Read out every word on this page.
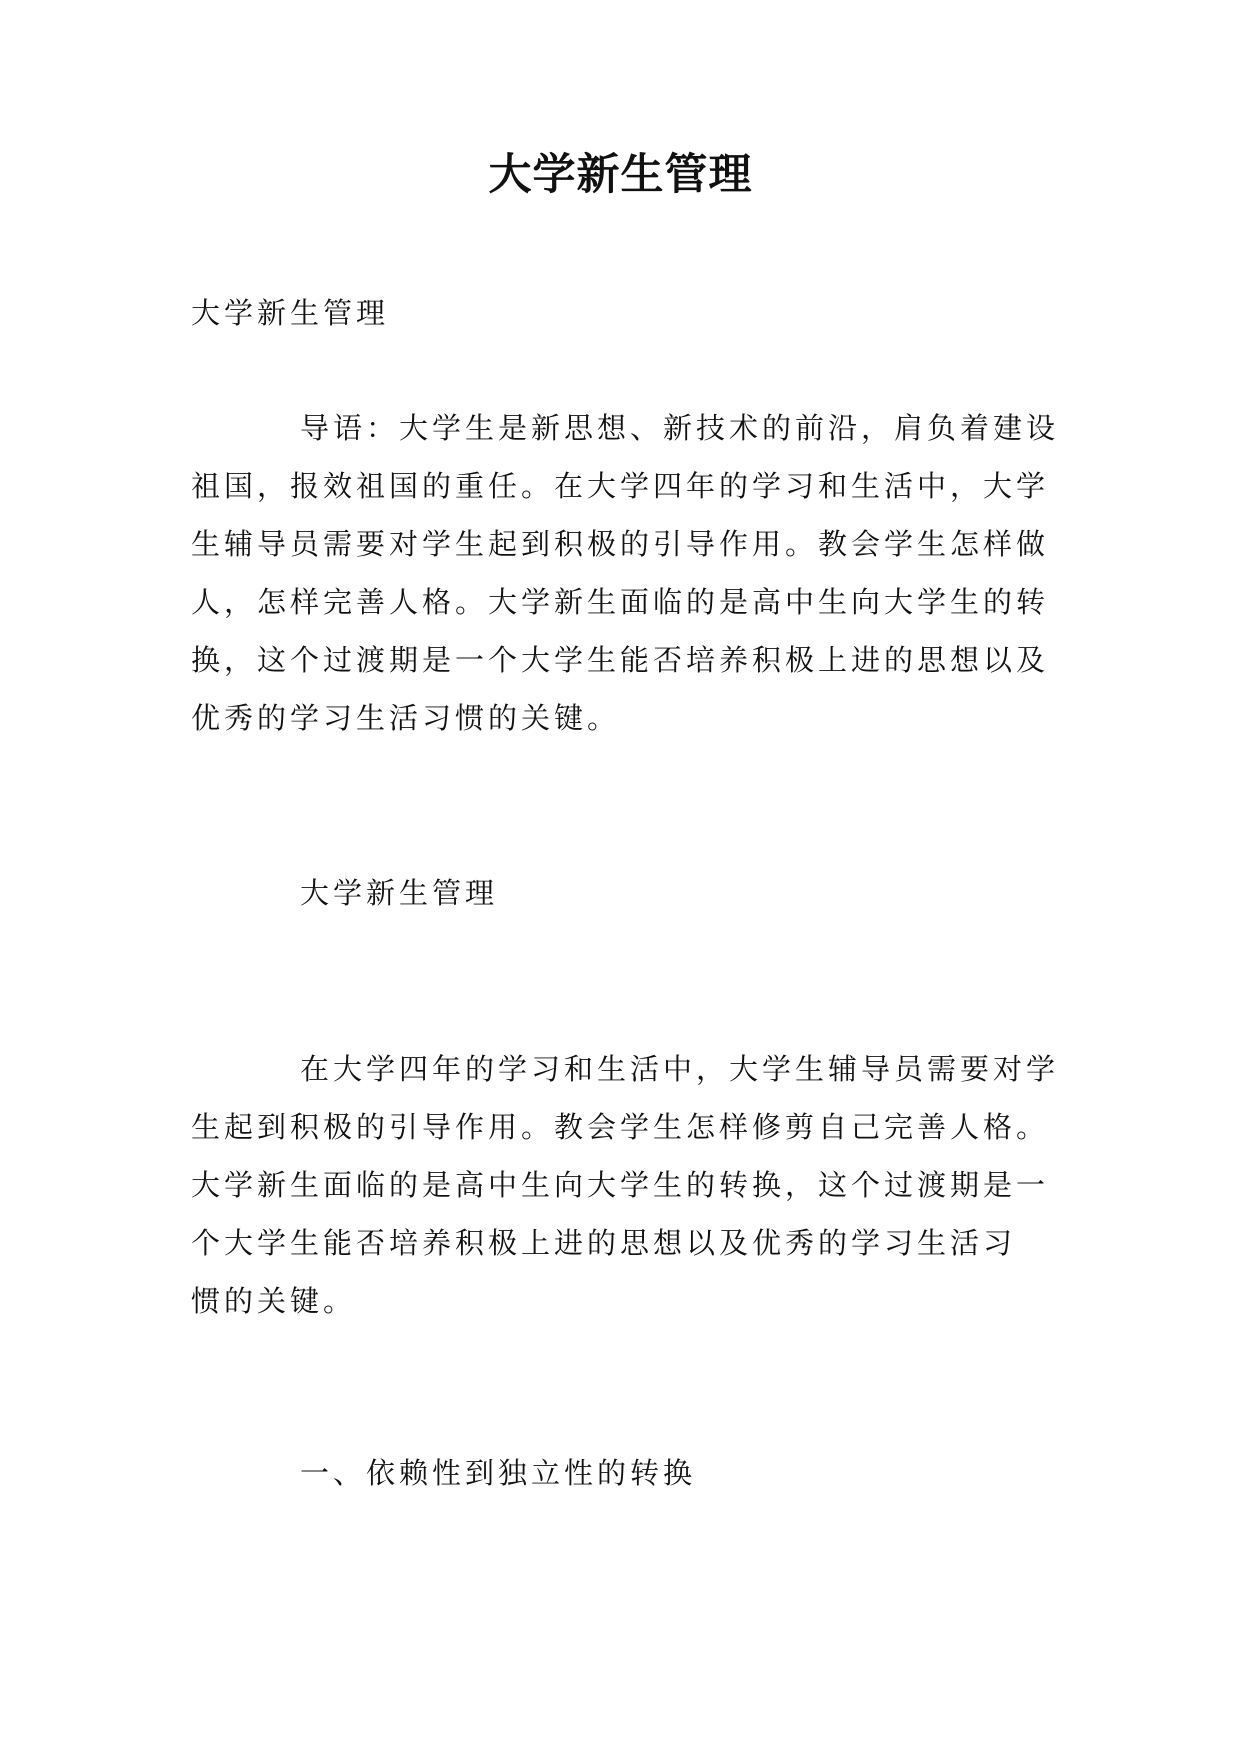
大学新生管理

大学新生管理

导语：大学生是新思想、新技术的前沿，肩负着建设
祖国，报效祖国的重任。在大学四年的学习和生活中，大学
生辅导员需要对学生起到积极的引导作用。教会学生怎样做
人，怎样完善人格。大学新生面临的是高中生向大学生的转
换，这个过渡期是一个大学生能否培养积极上进的思想以及
优秀的学习生活习惯的关键。

大学新生管理

在大学四年的学习和生活中，大学生辅导员需要对学
生起到积极的引导作用。教会学生怎样修剪自己完善人格。
大学新生面临的是高中生向大学生的转换，这个过渡期是一
个大学生能否培养积极上进的思想以及优秀的学习生活习
惯的关键。

一、依赖性到独立性的转换
